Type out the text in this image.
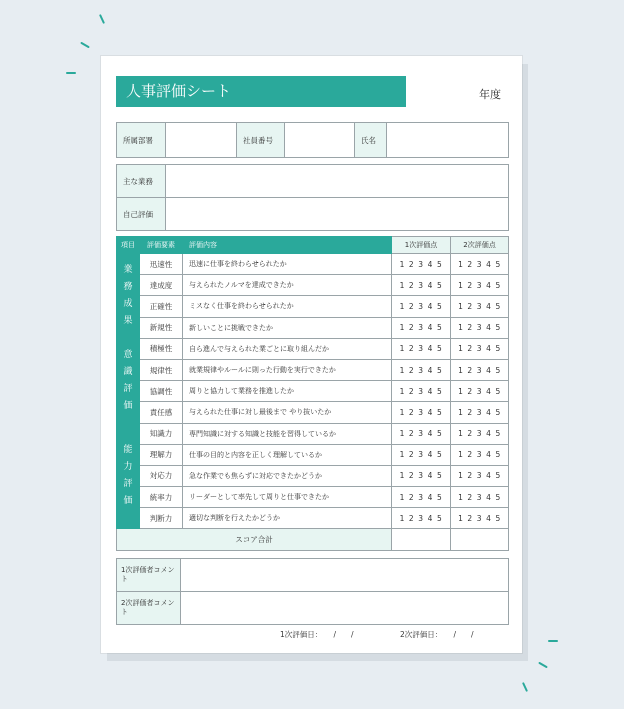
人事評価シート	年度
所属部署		社員番号		氏名	
主な業務	
自己評価	
項目	評価要素	評価内容	1次評価点	2次評価点
業
務
成
果	迅速性	迅速に仕事を終わらせられたか	12345	12345
	達成度	与えられたノルマを達成できたか	12345	12345
	正確性	ミスなく仕事を終わらせられたか	12345	12345
	新規性	新しいことに挑戦できたか	12345	12345
意
識
評
価	積極性	自ら進んで与えられた業ごとに取り組んだか	12345	12345
	規律性	就業規律やルールに則った行動を実行できたか	12345	12345
	協調性	周りと協力して業務を推進したか	12345	12345
	責任感	与えられた仕事に対し最後まで やり抜いたか	12345	12345
能
力
評
価	知識力	専門知識に対する知識と技能を習得しているか	12345	12345
	理解力	仕事の目的と内容を正しく理解しているか	12345	12345
	対応力	急な作業でも焦らずに対応できたかどうか	12345	12345
	統率力	リーダーとして率先して周りと仕事できたか	12345	12345
	判断力	適切な判断を行えたかどうか	12345	12345
スコア合計				
1次評価者コメント	
2次評価者コメント	
1次評価日：　　/　　/	2次評価日：　　/　　/
